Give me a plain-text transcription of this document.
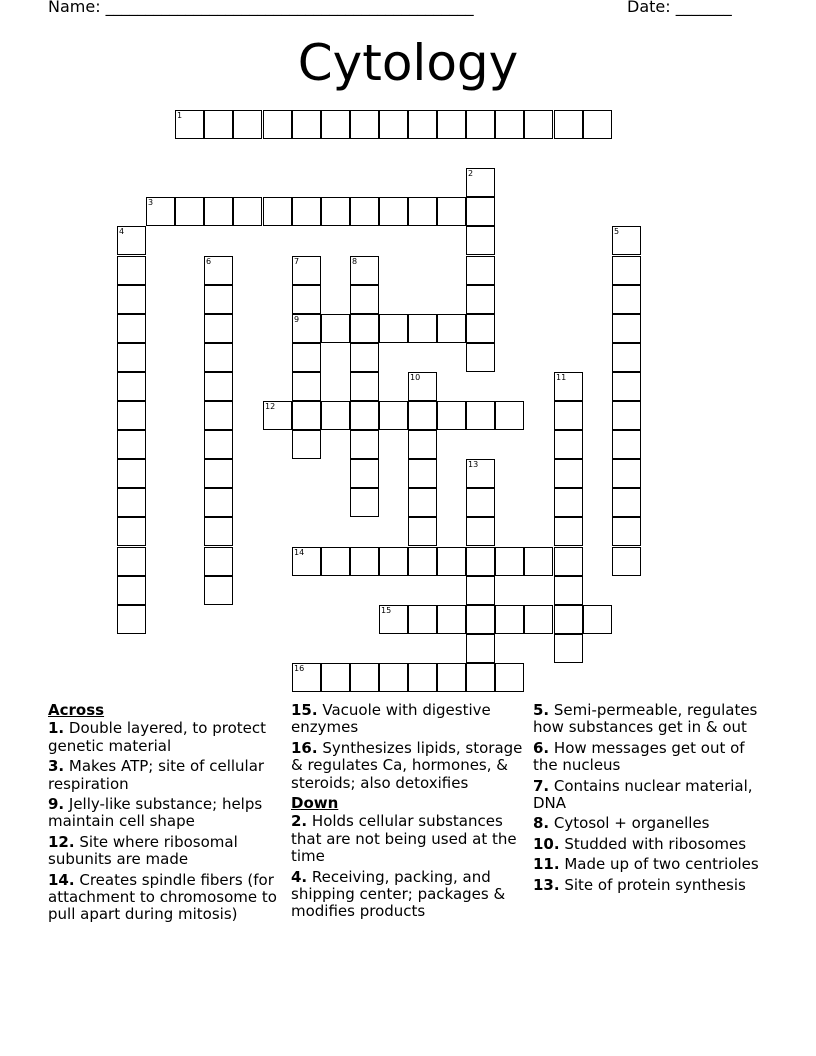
Name: ______________________________________________	Date: _______
Cytology
1
2
3
4	5
6	7	8
9
10	11
12
13
14
15
16
Across
1. Double layered, to protect genetic material
3. Makes ATP; site of cellular respiration
9. Jelly-like substance; helps maintain cell shape
12. Site where ribosomal subunits are made
14. Creates spindle fibers (for attachment to chromosome to pull apart during mitosis)
15. Vacuole with digestive enzymes
16. Synthesizes lipids, storage & regulates Ca, hormones, & steroids; also detoxifies
Down
2. Holds cellular substances that are not being used at the time
4. Receiving, packing, and shipping center; packages & modifies products
5. Semi-permeable, regulates how substances get in & out
6. How messages get out of the nucleus
7. Contains nuclear material, DNA
8. Cytosol + organelles
10. Studded with ribosomes
11. Made up of two centrioles
13. Site of protein synthesis
